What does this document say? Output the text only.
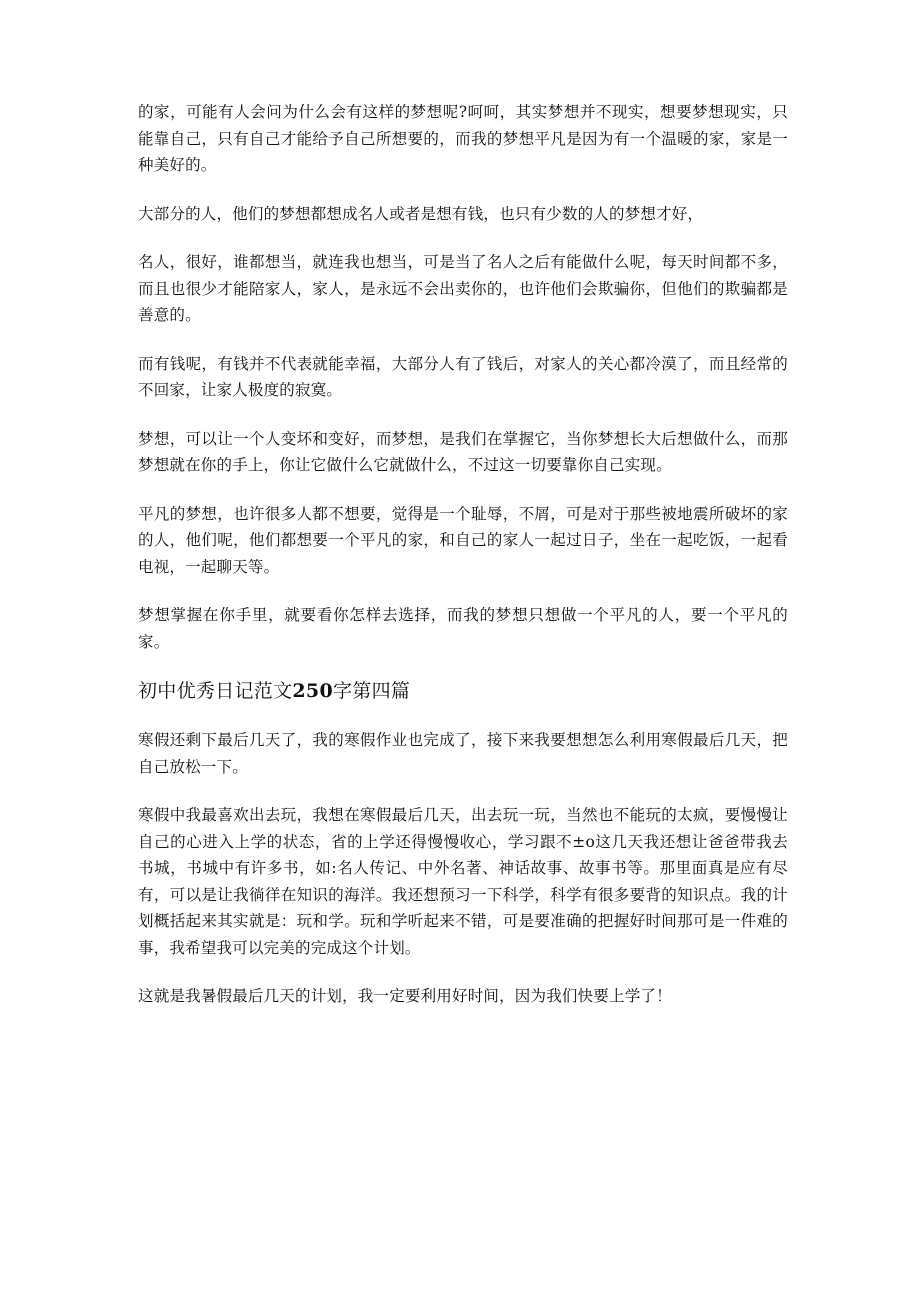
的家，可能有人会问为什么会有这样的梦想呢?呵呵，其实梦想并不现实，想要梦想现实，只能靠自己，只有自己才能给予自己所想要的，而我的梦想平凡是因为有一个温暖的家，家是一种美好的。

大部分的人，他们的梦想都想成名人或者是想有钱，也只有少数的人的梦想才好，

名人，很好，谁都想当，就连我也想当，可是当了名人之后有能做什么呢，每天时间都不多，而且也很少才能陪家人，家人，是永远不会出卖你的，也许他们会欺骗你，但他们的欺骗都是善意的。

而有钱呢，有钱并不代表就能幸福，大部分人有了钱后，对家人的关心都冷漠了，而且经常的不回家，让家人极度的寂寞。

梦想，可以让一个人变坏和变好，而梦想，是我们在掌握它，当你梦想长大后想做什么，而那梦想就在你的手上，你让它做什么它就做什么，不过这一切要靠你自己实现。

平凡的梦想，也许很多人都不想要，觉得是一个耻辱，不屑，可是对于那些被地震所破坏的家的人，他们呢，他们都想要一个平凡的家，和自己的家人一起过日子，坐在一起吃饭，一起看电视，一起聊天等。

梦想掌握在你手里，就要看你怎样去选择，而我的梦想只想做一个平凡的人，要一个平凡的家。

初中优秀日记范文250字第四篇

寒假还剩下最后几天了，我的寒假作业也完成了，接下来我要想想怎么利用寒假最后几天，把自己放松一下。

寒假中我最喜欢出去玩，我想在寒假最后几天，出去玩一玩，当然也不能玩的太疯，要慢慢让自己的心进入上学的状态，省的上学还得慢慢收心，学习跟不±o这几天我还想让爸爸带我去书城，书城中有许多书，如:名人传记、中外名著、神话故事、故事书等。那里面真是应有尽有，可以是让我徜徉在知识的海洋。我还想预习一下科学，科学有很多要背的知识点。我的计划概括起来其实就是：玩和学。玩和学听起来不错，可是要准确的把握好时间那可是一件难的事，我希望我可以完美的完成这个计划。

这就是我暑假最后几天的计划，我一定要利用好时间，因为我们快要上学了！
